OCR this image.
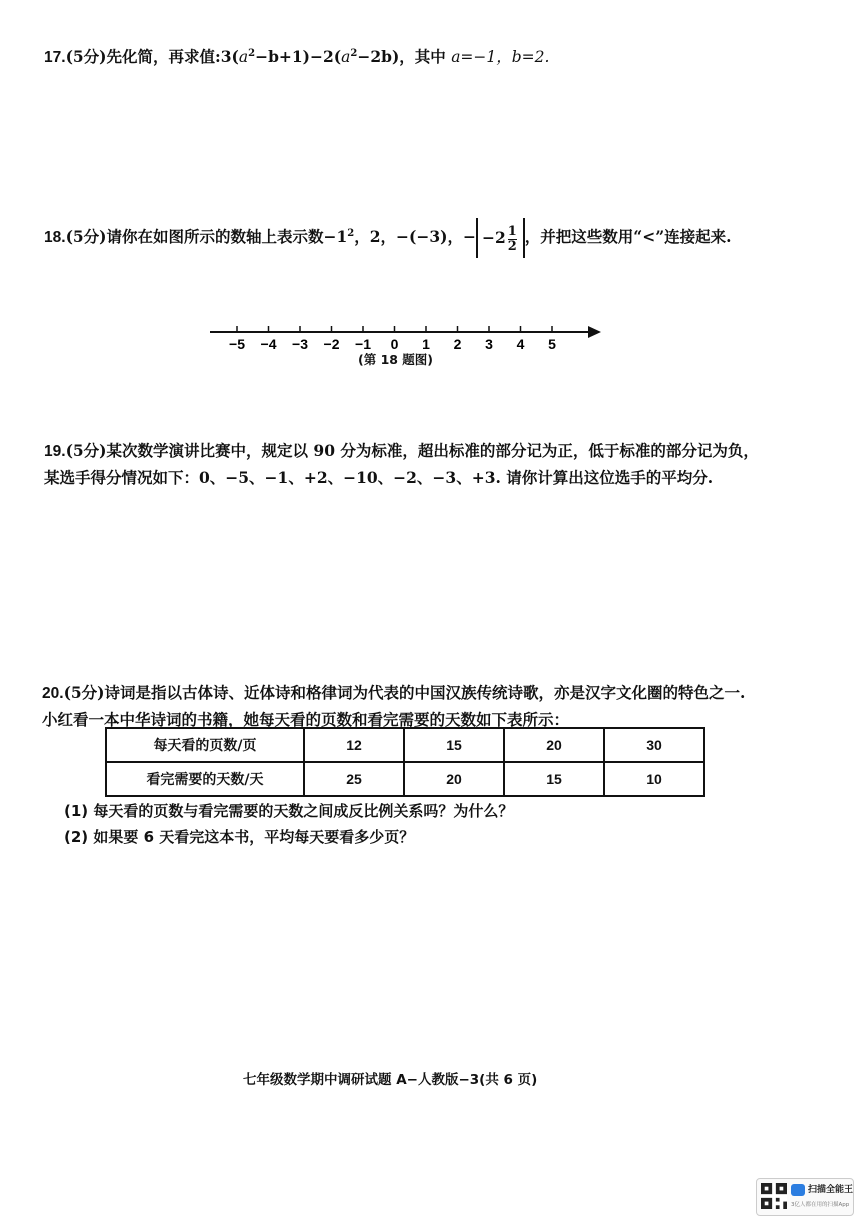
17.(5分)先化简，再求值$:3(a^2-b+1)-2(a^2-2b)$，其中 a=−1，b=2.
18.(5分)请你在如图所示的数轴上表示数$-1^2$，2，−(−3)，− $-2 \frac{1}{2}$ ，并把这些数用“<”连接起来.
−5 −4 −3 −2 −1 0 1 2 3 4 5
(第 18 题图)
19.(5分)某次数学演讲比赛中，规定以 90 分为标准，超出标准的部分记为正，低于标准的部分记为负，某选手得分情况如下：0、−5、−1、+2、−10、−2、−3、+3. 请你计算出这位选手的平均分.
20.(5分)诗词是指以古体诗、近体诗和格律词为代表的中国汉族传统诗歌，亦是汉字文化圈的特色之一. 小红看一本中华诗词的书籍，她每天看的页数和看完需要的天数如下表所示：
每天看的页数/页	12	15	20	30
看完需要的天数/天	25	20	15	10
(1) 每天看的页数与看完需要的天数之间成反比例关系吗？为什么？
(2) 如果要 6 天看完这本书，平均每天要看多少页？
七年级数学期中调研试题 A−人教版−3(共 6 页)
扫描全能王
3亿人都在用的扫描App
